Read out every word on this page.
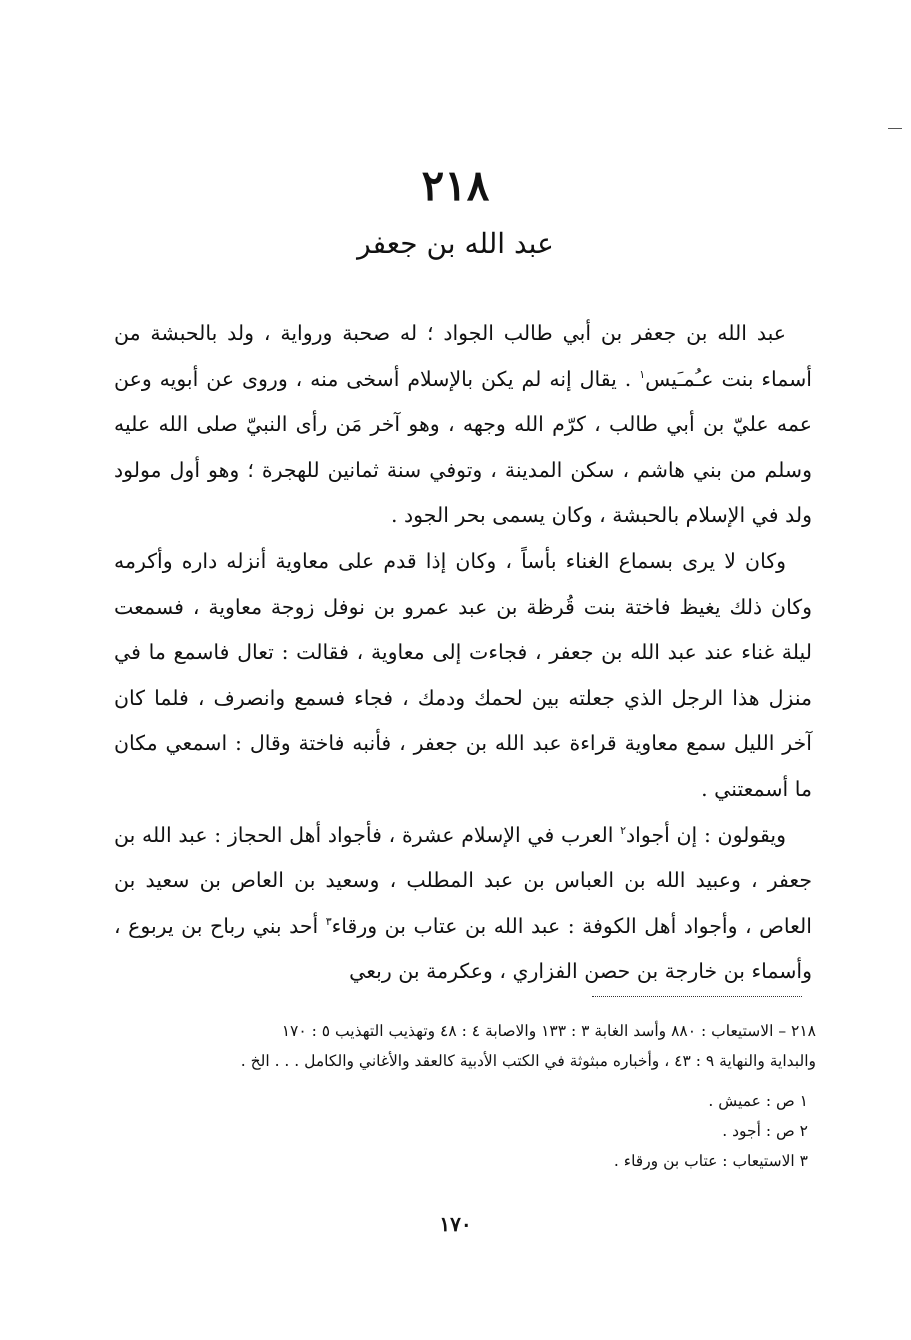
٢١٨
عبد الله بن جعفر

عبد الله بن جعفر بن أبي طالب الجواد ؛ له صحبة ورواية ، ولد بالحبشة من أسماء بنت عـُمـَيس$^١$ . يقال إنه لم يكن بالإسلام أسخى منه ، وروى عن أبويه وعن عمه عليّ بن أبي طالب ، كرّم الله وجهه ، وهو آخر مَن رأى النبيّ صلى الله عليه وسلم من بني هاشم ، سكن المدينة ، وتوفي سنة ثمانين للهجرة ؛ وهو أول مولود ولد في الإسلام بالحبشة ، وكان يسمى بحر الجود .

وكان لا يرى بسماع الغناء بأساً ، وكان إذا قدم على معاوية أنزله داره وأكرمه وكان ذلك يغيظ فاختة بنت قُرظة بن عبد عمرو بن نوفل زوجة معاوية ، فسمعت ليلة غناء عند عبد الله بن جعفر ، فجاءت إلى معاوية ، فقالت : تعال فاسمع ما في منزل هذا الرجل الذي جعلته بين لحمك ودمك ، فجاء فسمع وانصرف ، فلما كان آخر الليل سمع معاوية قراءة عبد الله بن جعفر ، فأنبه فاختة وقال : اسمعي مكان ما أسمعتني .

ويقولون : إن أجواد$^٢$ العرب في الإسلام عشرة ، فأجواد أهل الحجاز : عبد الله بن جعفر ، وعبيد الله بن العباس بن عبد المطلب ، وسعيد بن العاص بن سعيد بن العاص ، وأجواد أهل الكوفة : عبد الله بن عتاب بن ورقاء$^٣$ أحد بني رباح بن يربوع ، وأسماء بن خارجة بن حصن الفزاري ، وعكرمة بن ربعي

٢١٨ – الاستيعاب : ٨٨٠ وأسد الغابة ٣ : ١٣٣ والاصابة ٤ : ٤٨ وتهذيب التهذيب ٥ : ١٧٠

والبداية والنهاية ٩ : ٤٣ ، وأخباره مبثوثة في الكتب الأدبية كالعقد والأغاني والكامل . . . الخ .

١ ص : عميش .

٢ ص : أجود .

٣ الاستيعاب : عتاب بن ورقاء .

١٧٠
